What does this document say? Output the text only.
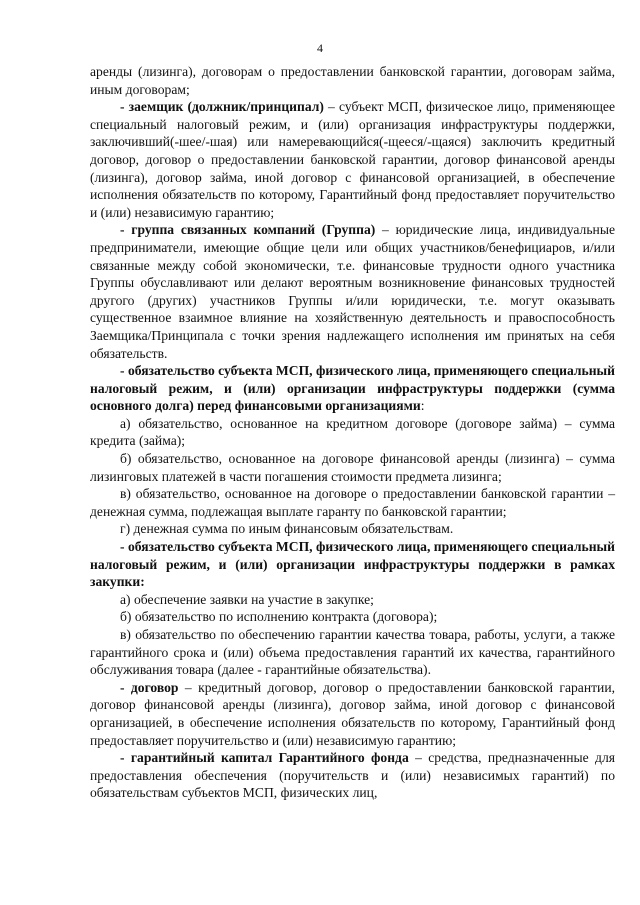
4

аренды (лизинга), договорам о предоставлении банковской гарантии, договорам займа, иным договорам;

- заемщик (должник/принципал) – субъект МСП, физическое лицо, применяющее специальный налоговый режим, и (или) организация инфраструктуры поддержки, заключивший(-шее/-шая) или намеревающийся(-щееся/-щаяся) заключить кредитный договор, договор о предоставлении банковской гарантии, договор финансовой аренды (лизинга), договор займа, иной договор с финансовой организацией, в обеспечение исполнения обязательств по которому, Гарантийный фонд предоставляет поручительство и (или) независимую гарантию;

- группа связанных компаний (Группа) – юридические лица, индивидуальные предприниматели, имеющие общие цели или общих участников/бенефициаров, и/или связанные между собой экономически, т.е. финансовые трудности одного участника Группы обуславливают или делают вероятным возникновение финансовых трудностей другого (других) участников Группы и/или юридически, т.е. могут оказывать существенное взаимное влияние на хозяйственную деятельность и правоспособность Заемщика/Принципала с точки зрения надлежащего исполнения им принятых на себя обязательств.

- обязательство субъекта МСП, физического лица, применяющего специальный налоговый режим, и (или) организации инфраструктуры поддержки (сумма основного долга) перед финансовыми организациями:

а) обязательство, основанное на кредитном договоре (договоре займа) – сумма кредита (займа);

б) обязательство, основанное на договоре финансовой аренды (лизинга) – сумма лизинговых платежей в части погашения стоимости предмета лизинга;

в) обязательство, основанное на договоре о предоставлении банковской гарантии – денежная сумма, подлежащая выплате гаранту по банковской гарантии;

г) денежная сумма по иным финансовым обязательствам.

- обязательство субъекта МСП, физического лица, применяющего специальный налоговый режим, и (или) организации инфраструктуры поддержки в рамках закупки:

а) обеспечение заявки на участие в закупке;

б) обязательство по исполнению контракта (договора);

в) обязательство по обеспечению гарантии качества товара, работы, услуги, а также гарантийного срока и (или) объема предоставления гарантий их качества, гарантийного обслуживания товара (далее - гарантийные обязательства).

- договор – кредитный договор, договор о предоставлении банковской гарантии, договор финансовой аренды (лизинга), договор займа, иной договор с финансовой организацией, в обеспечение исполнения обязательств по которому, Гарантийный фонд предоставляет поручительство и (или) независимую гарантию;

- гарантийный капитал Гарантийного фонда – средства, предназначенные для предоставления обеспечения (поручительств и (или) независимых гарантий) по обязательствам субъектов МСП, физических лиц,
